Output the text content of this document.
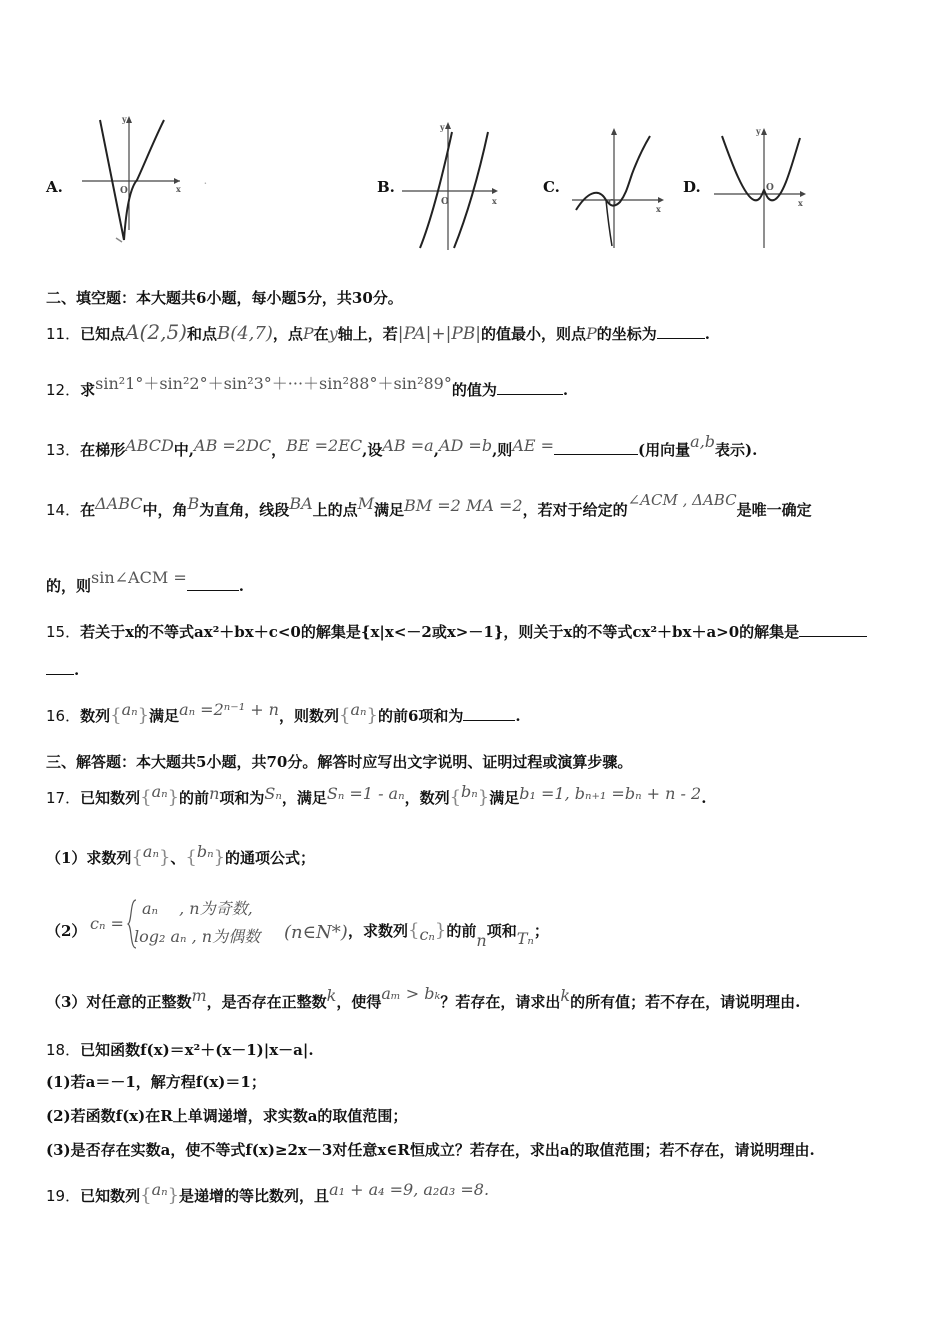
A.
y
x
O
·	B.
y
x
O
C.
x
O
D.
y
x
O
二、填空题：本大题共6小题，每小题5分，共30分。
11．已知点A(2,5)和点B(4,7)，点P在y轴上，若|PA|+|PB|的值最小，则点P的坐标为	.
12．求sin²1°＋sin²2°＋sin²3°＋···＋sin²88°＋sin²89°的值为	.
13．在梯形ABCD中,AB =2DC，BE =2EC,设AB =a,AD =b,则AE =	(用向量a,b表示).
14．在ΔABC中，角B为直角，线段BA上的点M满足BM =2 MA =2，若对于给定的∠ACM , ΔABC是唯一确定
的，则sin∠ACM =	.
15．若关于x的不等式ax²＋bx＋c<0的解集是{x|x<－2或x>－1}，则关于x的不等式cx²＋bx＋a>0的解集是
.
16．数列{aₙ}满足aₙ =2ⁿ⁻¹ + n，则数列{aₙ}的前6项和为	.
三、解答题：本大题共5小题，共70分。解答时应写出文字说明、证明过程或演算步骤。
17．已知数列{aₙ}的前n项和为Sₙ，满足Sₙ =1 - aₙ，数列{bₙ}满足b₁ =1, bₙ₊₁ =bₙ + n - 2.
（1）求数列{aₙ}、{bₙ}的通项公式；
（2） cₙ =
aₙ　 , n为奇数,
log₂ aₙ , n为偶数 (n∈N*) ，求数列{cₙ}的前n项和Tₙ；
（3）对任意的正整数m，是否存在正整数k，使得aₘ > bₖ？若存在，请求出k的所有值；若不存在，请说明理由.
18．已知函数f(x)＝x²＋(x－1)|x－a|.
(1)若a＝－1，解方程f(x)＝1；
(2)若函数f(x)在R上单调递增，求实数a的取值范围；
(3)是否存在实数a，使不等式f(x)≥2x－3对任意x∈R恒成立？若存在，求出a的取值范围；若不存在，请说明理由.
19．已知数列{aₙ}是递增的等比数列，且a₁ + a₄ =9, a₂a₃ =8.
